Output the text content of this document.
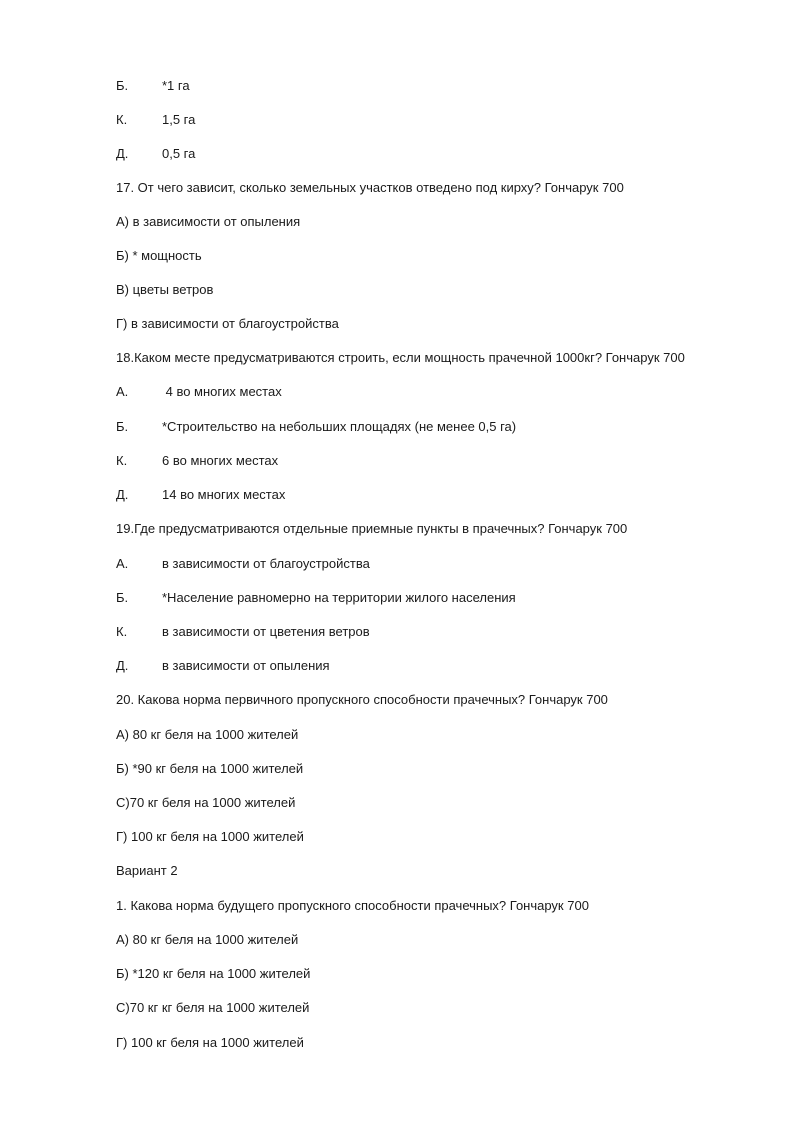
Б.	*1 га
К.	1,5 га
Д.	0,5 га
17. От чего зависит, сколько земельных участков отведено под кирху? Гончарук 700
А) в зависимости от опыления
Б) * мощность
В) цветы ветров
Г) в зависимости от благоустройства
18.Каком месте предусматриваются строить, если мощность прачечной 1000кг? Гончарук 700
А.	4 во многих местах
Б.	*Строительство на небольших площадях (не менее 0,5 га)
К.	6 во многих местах
Д.	14 во многих местах
19.Где предусматриваются отдельные приемные пункты в прачечных? Гончарук 700
А.	в зависимости от благоустройства
Б.	*Население равномерно на территории жилого населения
К.	в зависимости от цветения ветров
Д.	в зависимости от опыления
20. Какова норма первичного пропускного способности прачечных? Гончарук 700
А) 80 кг беля на 1000 жителей
Б) *90 кг беля на 1000 жителей
С)70 кг беля на 1000 жителей
Г) 100 кг беля на 1000 жителей
Вариант 2
1. Какова норма будущего пропускного способности прачечных? Гончарук 700
А) 80 кг беля на 1000 жителей
Б) *120 кг беля на 1000 жителей
С)70 кг кг беля на 1000 жителей
Г) 100 кг беля на 1000 жителей
